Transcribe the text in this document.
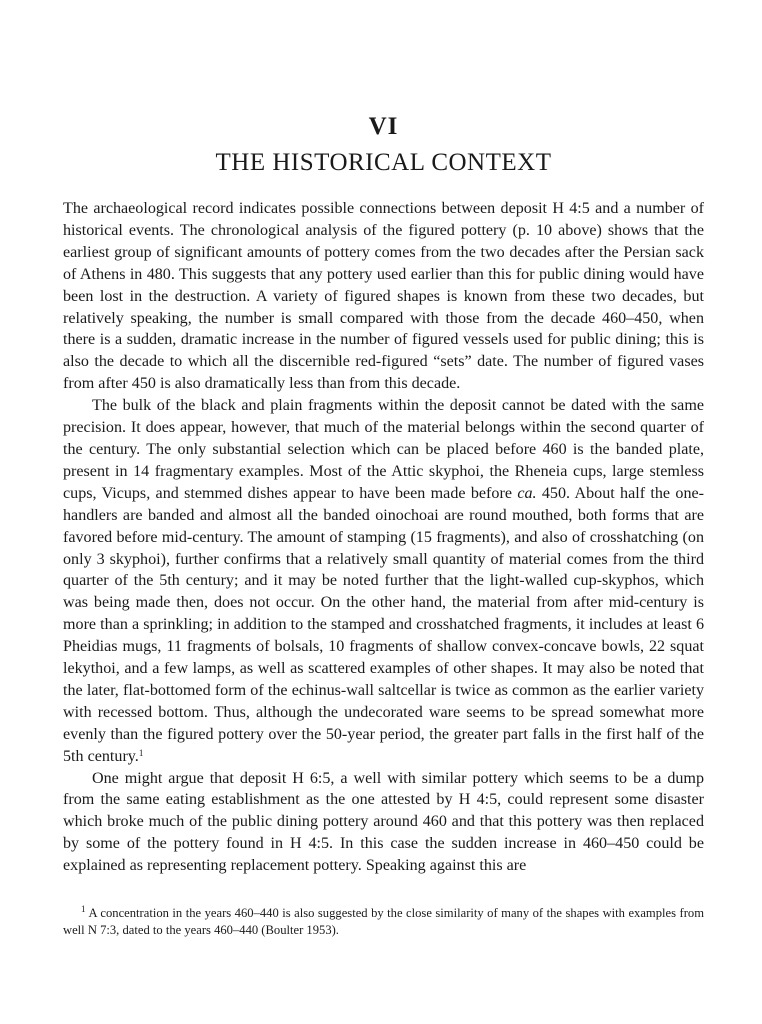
VI
THE HISTORICAL CONTEXT

The archaeological record indicates possible connections between deposit H 4:5 and a number of historical events. The chronological analysis of the figured pottery (p. 10 above) shows that the earliest group of significant amounts of pottery comes from the two decades after the Persian sack of Athens in 480. This suggests that any pottery used earlier than this for public dining would have been lost in the destruction. A variety of figured shapes is known from these two decades, but relatively speaking, the number is small compared with those from the decade 460–450, when there is a sudden, dramatic increase in the number of figured vessels used for public dining; this is also the decade to which all the discernible red-figured “sets” date. The number of figured vases from after 450 is also dramatically less than from this decade.

The bulk of the black and plain fragments within the deposit cannot be dated with the same precision. It does appear, however, that much of the material belongs within the second quarter of the century. The only substantial selection which can be placed before 460 is the banded plate, present in 14 fragmentary examples. Most of the Attic skyphoi, the Rheneia cups, large stemless cups, Vicups, and stemmed dishes appear to have been made before ca. 450. About half the one-handlers are banded and almost all the banded oinochoai are round mouthed, both forms that are favored before mid-century. The amount of stamping (15 fragments), and also of crosshatching (on only 3 skyphoi), further confirms that a relatively small quantity of material comes from the third quarter of the 5th century; and it may be noted further that the light-walled cup-skyphos, which was being made then, does not occur. On the other hand, the material from after mid-century is more than a sprinkling; in addition to the stamped and crosshatched fragments, it includes at least 6 Pheidias mugs, 11 fragments of bolsals, 10 fragments of shallow convex-concave bowls, 22 squat lekythoi, and a few lamps, as well as scattered examples of other shapes. It may also be noted that the later, flat-bottomed form of the echinus-wall saltcellar is twice as common as the earlier variety with recessed bottom. Thus, although the undecorated ware seems to be spread somewhat more evenly than the figured pottery over the 50-year period, the greater part falls in the first half of the 5th century.$^1$

One might argue that deposit H 6:5, a well with similar pottery which seems to be a dump from the same eating establishment as the one attested by H 4:5, could represent some disaster which broke much of the public dining pottery around 460 and that this pottery was then replaced by some of the pottery found in H 4:5. In this case the sudden increase in 460–450 could be explained as representing replacement pottery. Speaking against this are

$^1$ A concentration in the years 460–440 is also suggested by the close similarity of many of the shapes with examples from well N 7:3, dated to the years 460–440 (Boulter 1953).
